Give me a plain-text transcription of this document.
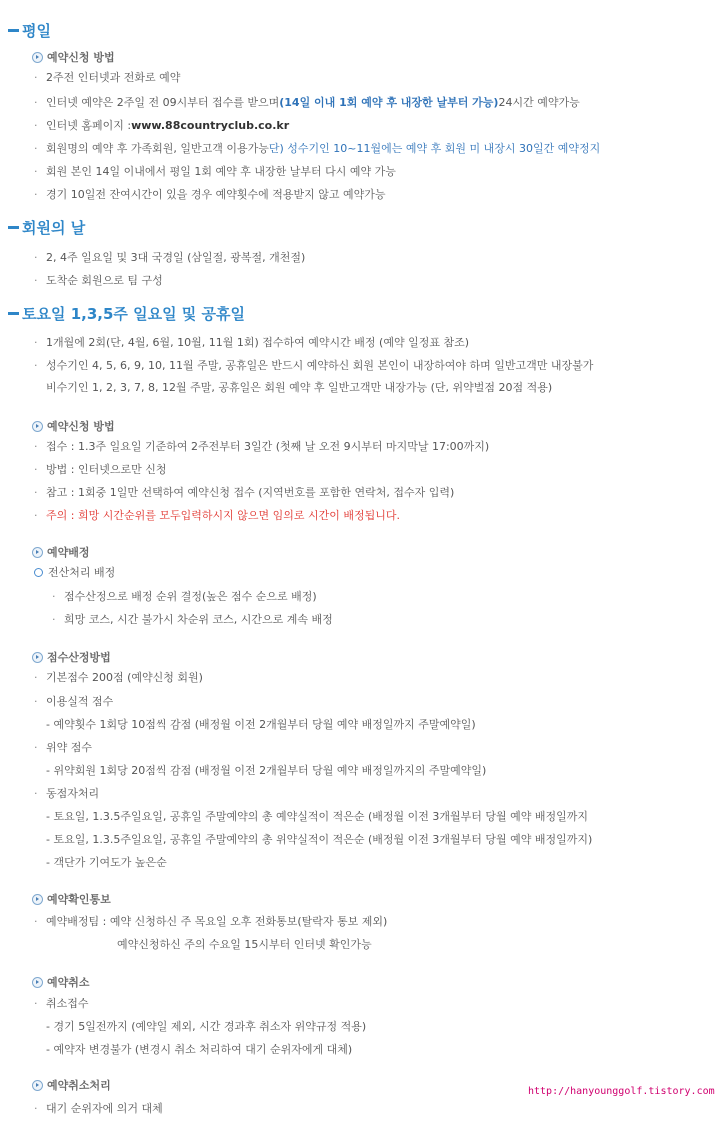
평일
예약신청 방법
· 2주전 인터넷과 전화로 예약
· 인터넷 예약은 2주일 전 09시부터 접수를 받으며 (14일 이내 1회 예약 후 내장한 날부터 가능) 24시간 예약가능
· 인터넷 홈페이지 : www.88countryclub.co.kr
· 회원명의 예약 후 가족회원, 일반고객 이용가능 단) 성수기인 10~11월에는 예약 후 회원 미 내장시 30일간 예약정지
· 회원 본인 14일 이내에서 평일 1회 예약 후 내장한 날부터 다시 예약 가능
· 경기 10일전 잔여시간이 있을 경우 예약횟수에 적용받지 않고 예약가능
회원의 날
· 2, 4주 일요일 및 3대 국경일 (삼일절, 광복절, 개천절)
· 도착순 회원으로 팀 구성
토요일 1,3,5주 일요일 및 공휴일
· 1개월에 2회(단, 4월, 6월, 10월, 11월 1회) 접수하여 예약시간 배정 (예약 일정표 참조)
· 성수기인 4, 5, 6, 9, 10, 11월 주말, 공휴일은 반드시 예약하신 회원 본인이 내장하여야 하며 일반고객만 내장불가
비수기인 1, 2, 3, 7, 8, 12월 주말, 공휴일은 회원 예약 후 일반고객만 내장가능 (단, 위약벌점 20점 적용)
예약신청 방법
· 접수 : 1.3주 일요일 기준하여 2주전부터 3일간 (첫째 날 오전 9시부터 마지막날 17:00까지)
· 방법 : 인터넷으로만 신청
· 참고 : 1회중 1일만 선택하여 예약신청 접수 (지역번호를 포함한 연락처, 접수자 입력)
· 주의 : 희망 시간순위를 모두입력하시지 않으면 임의로 시간이 배정됩니다.
예약배정
전산처리 배정
· 점수산정으로 배정 순위 결정(높은 점수 순으로 배정)
· 희망 코스, 시간 불가시 차순위 코스, 시간으로 계속 배정
점수산정방법
· 기본점수 200점 (예약신청 회원)
· 이용실적 점수
- 예약횟수 1회당 10점씩 감점 (배정월 이전 2개월부터 당월 예약 배정일까지 주말예약일)
· 위약 점수
- 위약회원 1회당 20점씩 감점 (배정월 이전 2개월부터 당월 예약 배정일까지의 주말예약일)
· 동점자처리
- 토요일, 1.3.5주일요일, 공휴일 주말예약의 총 예약실적이 적은순 (배정월 이전 3개월부터 당월 예약 배정일까지
- 토요일, 1.3.5주일요일, 공휴일 주말예약의 총 위약실적이 적은순 (배정월 이전 3개월부터 당월 예약 배정일까지)
- 객단가 기여도가 높은순
예약확인통보
· 예약배정팀 : 예약 신청하신 주 목요일 오후 전화통보(탈락자 통보 제외)
예약신청하신 주의 수요일 15시부터 인터넷 확인가능
예약취소
· 취소접수
- 경기 5일전까지 (예약일 제외, 시간 경과후 취소자 위약규정 적용)
- 예약자 변경불가 (변경시 취소 처리하여 대기 순위자에게 대체)
예약취소처리
· 대기 순위자에 의거 대체
http://hanyounggolf.tistory.com
